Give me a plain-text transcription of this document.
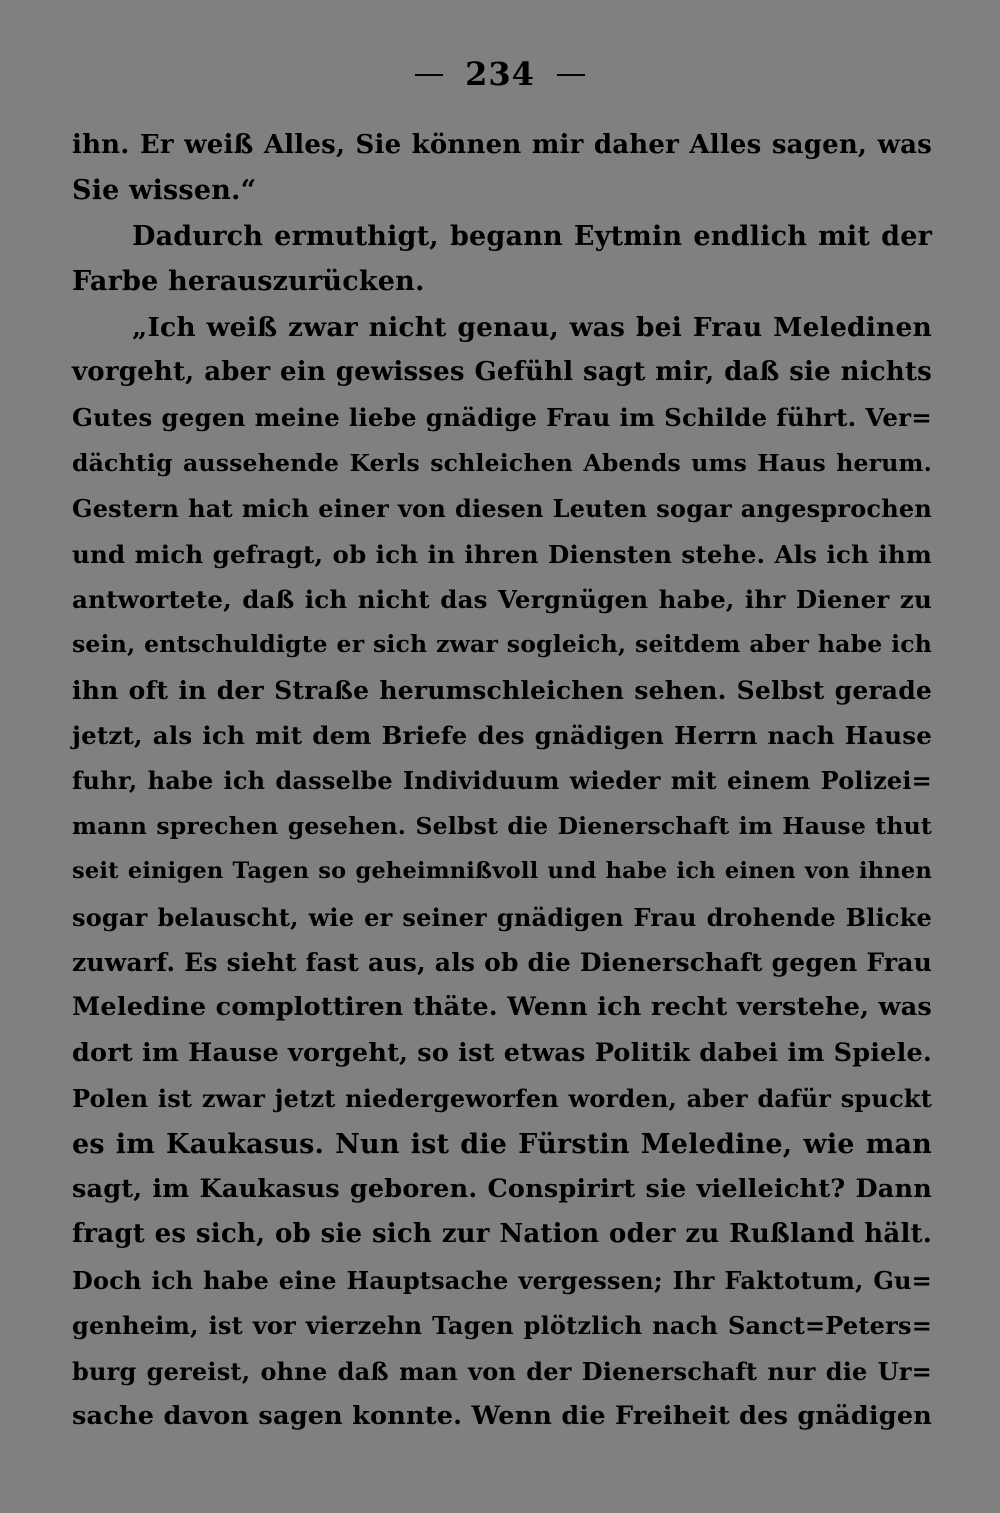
234
ihn. Er weiß Alles, Sie können mir daher Alles sagen, was
Sie wissen.“
Dadurch ermuthigt, begann Eytmin endlich mit der
Farbe herauszurücken.
„Ich weiß zwar nicht genau, was bei Frau Meledinen
vorgeht, aber ein gewisses Gefühl sagt mir, daß sie nichts
Gutes gegen meine liebe gnädige Frau im Schilde führt. Ver=
dächtig aussehende Kerls schleichen Abends ums Haus herum.
Gestern hat mich einer von diesen Leuten sogar angesprochen
und mich gefragt, ob ich in ihren Diensten stehe. Als ich ihm
antwortete, daß ich nicht das Vergnügen habe, ihr Diener zu
sein, entschuldigte er sich zwar sogleich, seitdem aber habe ich
ihn oft in der Straße herumschleichen sehen. Selbst gerade
jetzt, als ich mit dem Briefe des gnädigen Herrn nach Hause
fuhr, habe ich dasselbe Individuum wieder mit einem Polizei=
mann sprechen gesehen. Selbst die Dienerschaft im Hause thut
seit einigen Tagen so geheimnißvoll und habe ich einen von ihnen
sogar belauscht, wie er seiner gnädigen Frau drohende Blicke
zuwarf. Es sieht fast aus, als ob die Dienerschaft gegen Frau
Meledine complottiren thäte. Wenn ich recht verstehe, was
dort im Hause vorgeht, so ist etwas Politik dabei im Spiele.
Polen ist zwar jetzt niedergeworfen worden, aber dafür spuckt
es im Kaukasus. Nun ist die Fürstin Meledine, wie man
sagt, im Kaukasus geboren. Conspirirt sie vielleicht? Dann
fragt es sich, ob sie sich zur Nation oder zu Rußland hält.
Doch ich habe eine Hauptsache vergessen; Ihr Faktotum, Gu=
genheim, ist vor vierzehn Tagen plötzlich nach Sanct=Peters=
burg gereist, ohne daß man von der Dienerschaft nur die Ur=
sache davon sagen konnte. Wenn die Freiheit des gnädigen
